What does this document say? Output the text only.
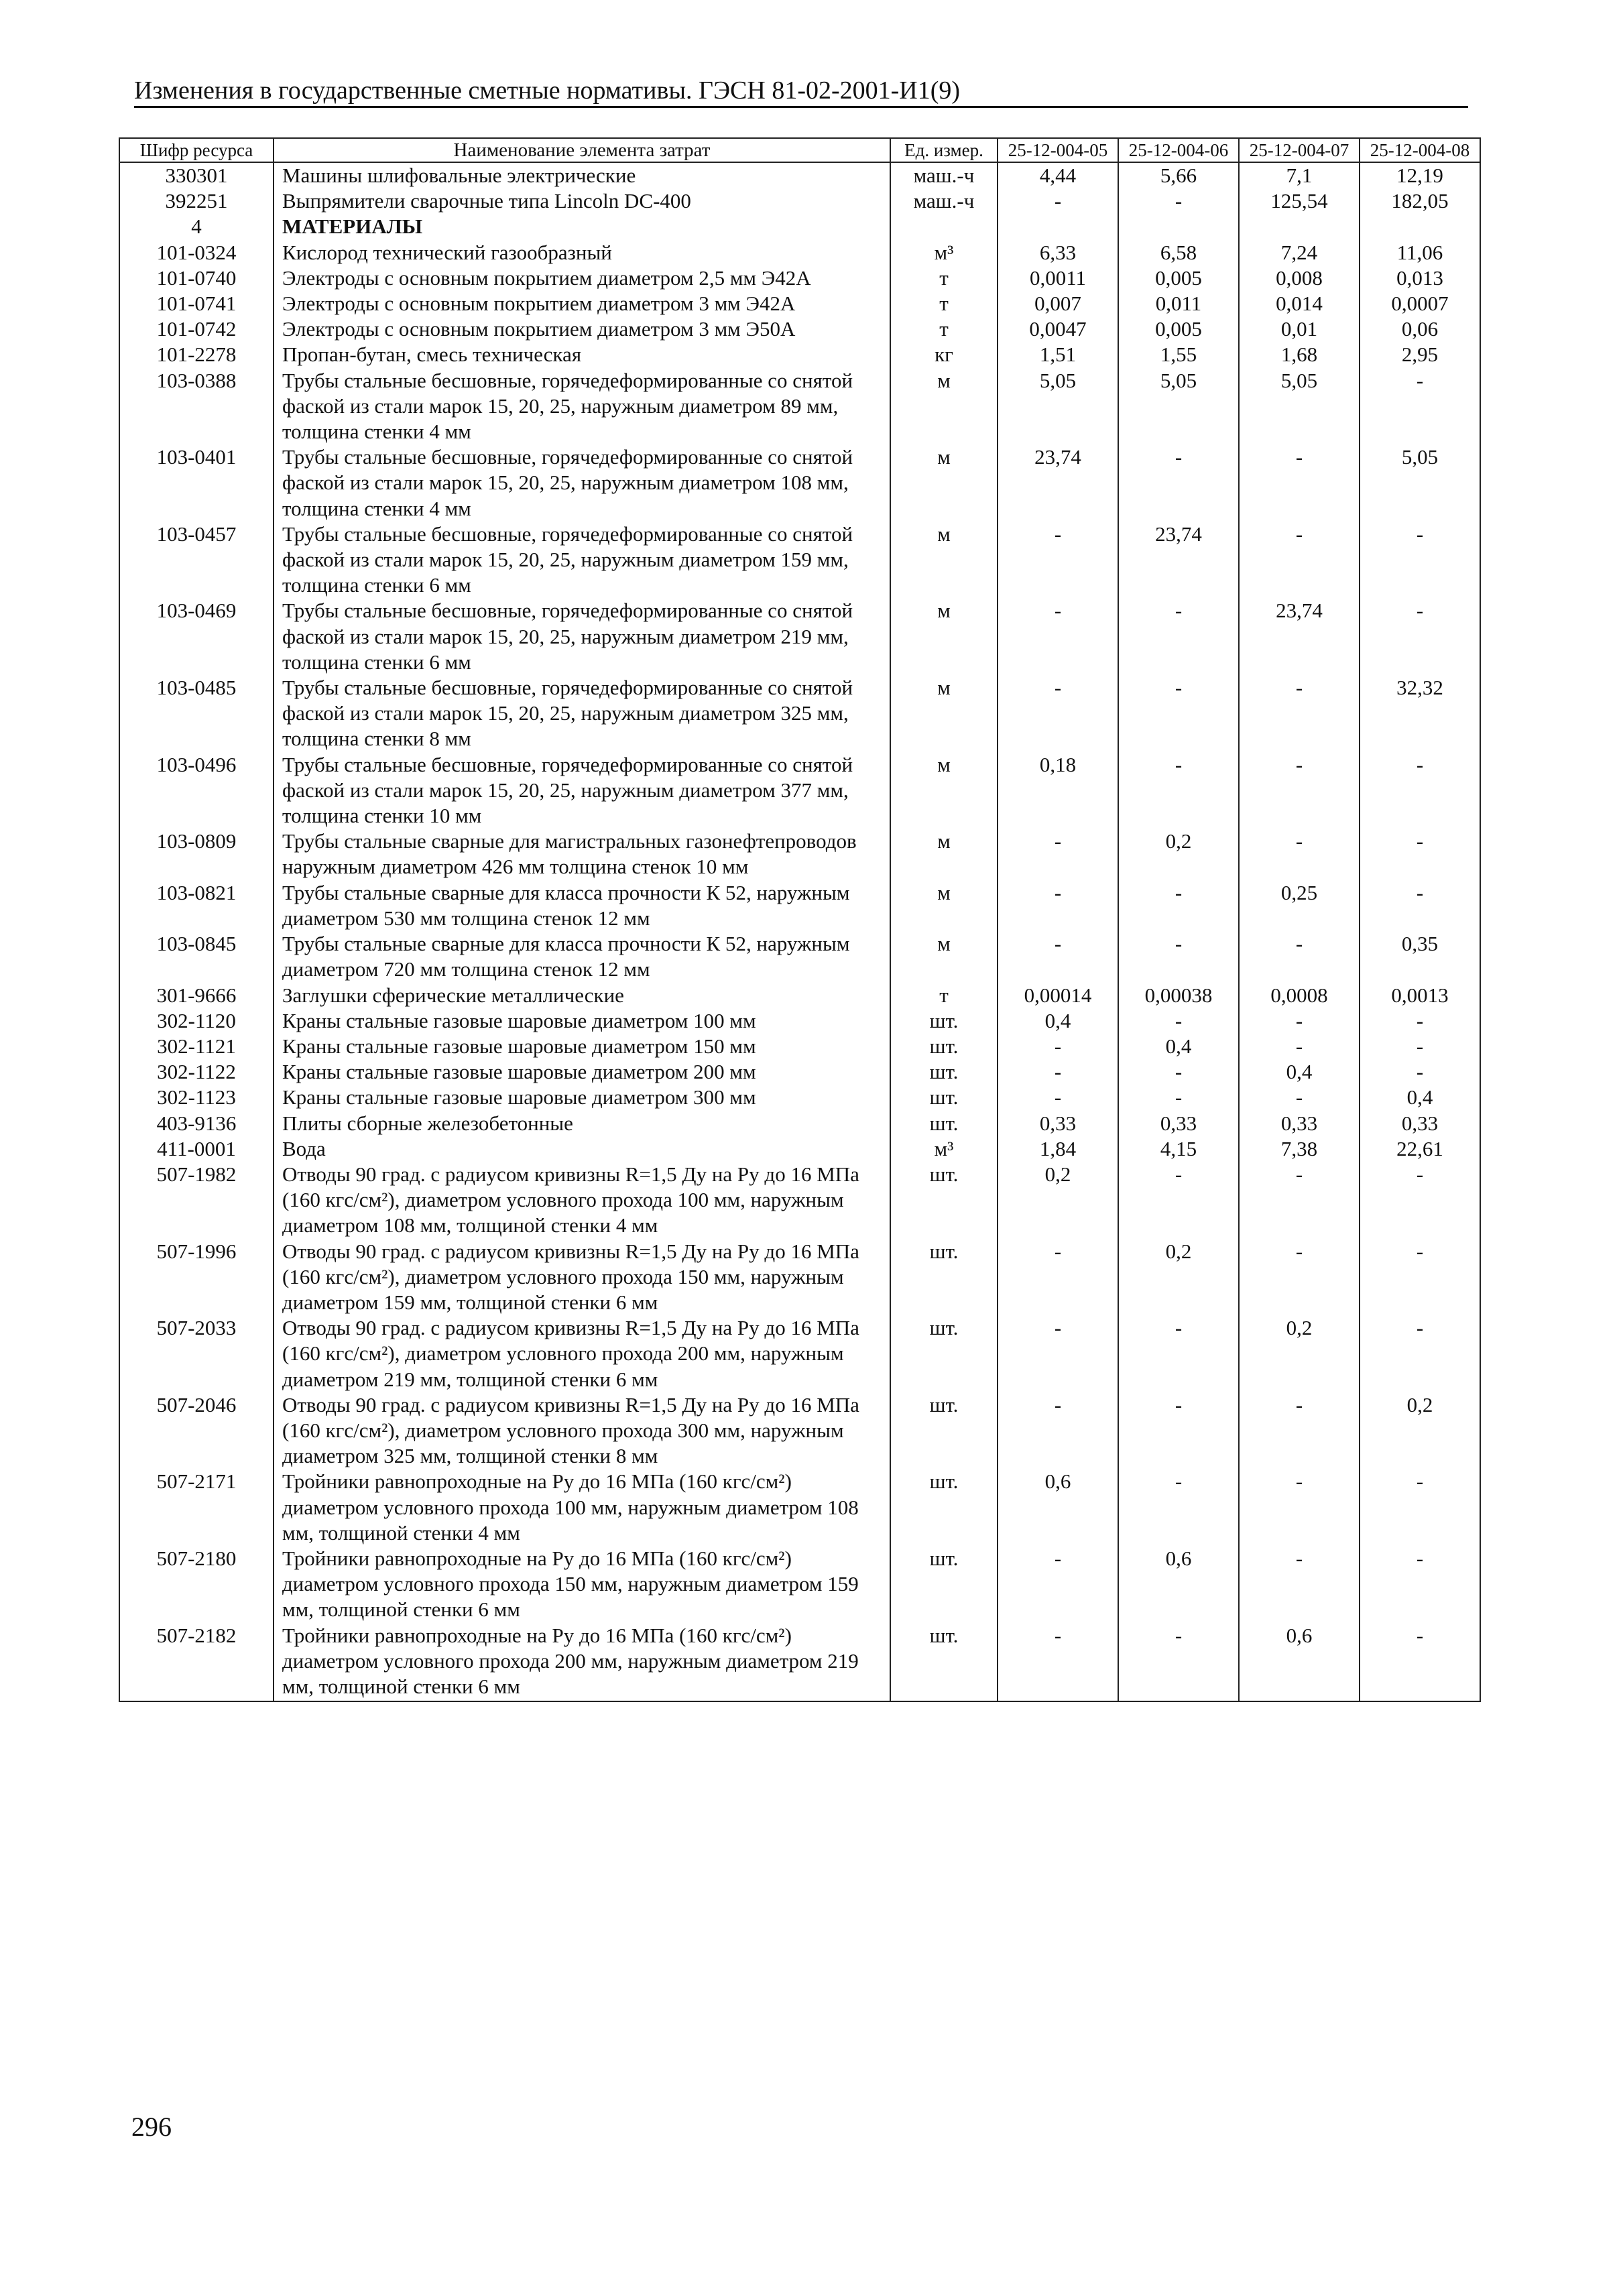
Изменения в государственные сметные нормативы. ГЭСН 81-02-2001-И1(9)
Шифр ресурса	Наименование элемента затрат	Ед. измер.	25-12-004-05	25-12-004-06	25-12-004-07	25-12-004-08
330301	Машины шлифовальные электрические	маш.-ч	4,44	5,66	7,1	12,19
392251	Выпрямители сварочные типа Lincoln DC-400	маш.-ч	-	-	125,54	182,05
4	МАТЕРИАЛЫ					
101-0324	Кислород технический газообразный	м³	6,33	6,58	7,24	11,06
101-0740	Электроды с основным покрытием диаметром 2,5 мм Э42А	т	0,0011	0,005	0,008	0,013
101-0741	Электроды с основным покрытием диаметром 3 мм Э42А	т	0,007	0,011	0,014	0,0007
101-0742	Электроды с основным покрытием диаметром 3 мм Э50А	т	0,0047	0,005	0,01	0,06
101-2278	Пропан-бутан, смесь техническая	кг	1,51	1,55	1,68	2,95
103-0388	Трубы стальные бесшовные, горячедеформированные со снятой фаской из стали марок 15, 20, 25, наружным диаметром 89 мм, толщина стенки 4 мм	м	5,05	5,05	5,05	-
103-0401	Трубы стальные бесшовные, горячедеформированные со снятой фаской из стали марок 15, 20, 25, наружным диаметром 108 мм, толщина стенки 4 мм	м	23,74	-	-	5,05
103-0457	Трубы стальные бесшовные, горячедеформированные со снятой фаской из стали марок 15, 20, 25, наружным диаметром 159 мм, толщина стенки 6 мм	м	-	23,74	-	-
103-0469	Трубы стальные бесшовные, горячедеформированные со снятой фаской из стали марок 15, 20, 25, наружным диаметром 219 мм, толщина стенки 6 мм	м	-	-	23,74	-
103-0485	Трубы стальные бесшовные, горячедеформированные со снятой фаской из стали марок 15, 20, 25, наружным диаметром 325 мм, толщина стенки 8 мм	м	-	-	-	32,32
103-0496	Трубы стальные бесшовные, горячедеформированные со снятой фаской из стали марок 15, 20, 25, наружным диаметром 377 мм, толщина стенки 10 мм	м	0,18	-	-	-
103-0809	Трубы стальные сварные для магистральных газонефтепроводов наружным диаметром 426 мм толщина стенок 10 мм	м	-	0,2	-	-
103-0821	Трубы стальные сварные для класса прочности К 52, наружным диаметром 530 мм толщина стенок 12 мм	м	-	-	0,25	-
103-0845	Трубы стальные сварные для класса прочности К 52, наружным диаметром 720 мм толщина стенок 12 мм	м	-	-	-	0,35
301-9666	Заглушки сферические металлические	т	0,00014	0,00038	0,0008	0,0013
302-1120	Краны стальные газовые шаровые диаметром 100 мм	шт.	0,4	-	-	-
302-1121	Краны стальные газовые шаровые диаметром 150 мм	шт.	-	0,4	-	-
302-1122	Краны стальные газовые шаровые диаметром 200 мм	шт.	-	-	0,4	-
302-1123	Краны стальные газовые шаровые диаметром 300 мм	шт.	-	-	-	0,4
403-9136	Плиты сборные железобетонные	шт.	0,33	0,33	0,33	0,33
411-0001	Вода	м³	1,84	4,15	7,38	22,61
507-1982	Отводы 90 град. с радиусом кривизны R=1,5 Ду на Ру до 16 МПа (160 кгс/см²), диаметром условного прохода 100 мм, наружным диаметром 108 мм, толщиной стенки 4 мм	шт.	0,2	-	-	-
507-1996	Отводы 90 град. с радиусом кривизны R=1,5 Ду на Ру до 16 МПа (160 кгс/см²), диаметром условного прохода 150 мм, наружным диаметром 159 мм, толщиной стенки 6 мм	шт.	-	0,2	-	-
507-2033	Отводы 90 град. с радиусом кривизны R=1,5 Ду на Ру до 16 МПа (160 кгс/см²), диаметром условного прохода 200 мм, наружным диаметром 219 мм, толщиной стенки 6 мм	шт.	-	-	0,2	-
507-2046	Отводы 90 град. с радиусом кривизны R=1,5 Ду на Ру до 16 МПа (160 кгс/см²), диаметром условного прохода 300 мм, наружным диаметром 325 мм, толщиной стенки 8 мм	шт.	-	-	-	0,2
507-2171	Тройники равнопроходные на Ру до 16 МПа (160 кгс/см²) диаметром условного прохода 100 мм, наружным диаметром 108 мм, толщиной стенки 4 мм	шт.	0,6	-	-	-
507-2180	Тройники равнопроходные на Ру до 16 МПа (160 кгс/см²) диаметром условного прохода 150 мм, наружным диаметром 159 мм, толщиной стенки 6 мм	шт.	-	0,6	-	-
507-2182	Тройники равнопроходные на Ру до 16 МПа (160 кгс/см²) диаметром условного прохода 200 мм, наружным диаметром 219 мм, толщиной стенки 6 мм	шт.	-	-	0,6	-
296
